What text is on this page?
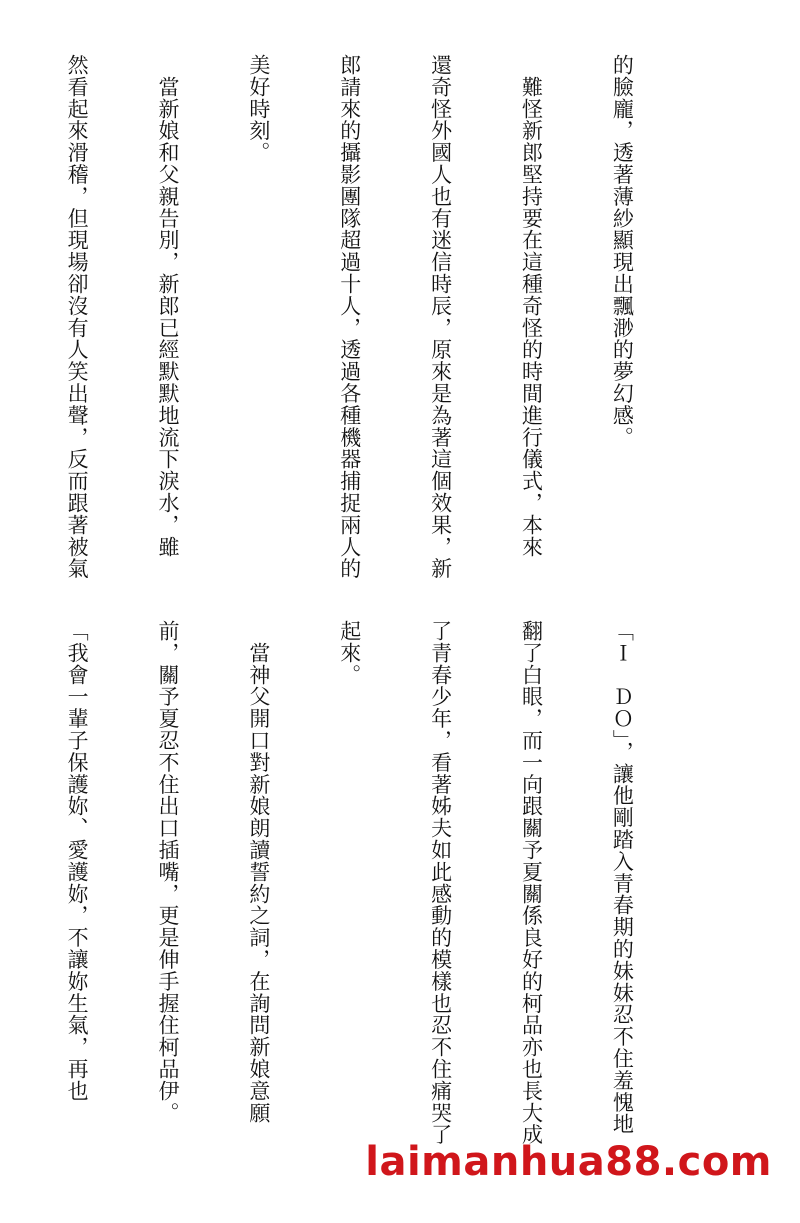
的臉龐，透著薄紗顯現出飄渺的夢幻感。

　難怪新郎堅持要在這種奇怪的時間進行儀式，本來

還奇怪外國人也有迷信時辰，原來是為著這個效果，新

郎請來的攝影團隊超過十人，透過各種機器捕捉兩人的

美好時刻。

　當新娘和父親告別，新郎已經默默地流下淚水，雖

然看起來滑稽，但現場卻沒有人笑出聲，反而跟著被氣

「Ｉ　ＤＯ」，讓他剛踏入青春期的妹妹忍不住羞愧地

翻了白眼，而一向跟關予夏關係良好的柯品亦也長大成

了青春少年，看著姊夫如此感動的模樣也忍不住痛哭了

起來。

　當神父開口對新娘朗讀誓約之詞，在詢問新娘意願

前，關予夏忍不住出口插嘴，更是伸手握住柯品伊。

「我會一輩子保護妳、愛護妳，不讓妳生氣，再也

laimanhua88.com
